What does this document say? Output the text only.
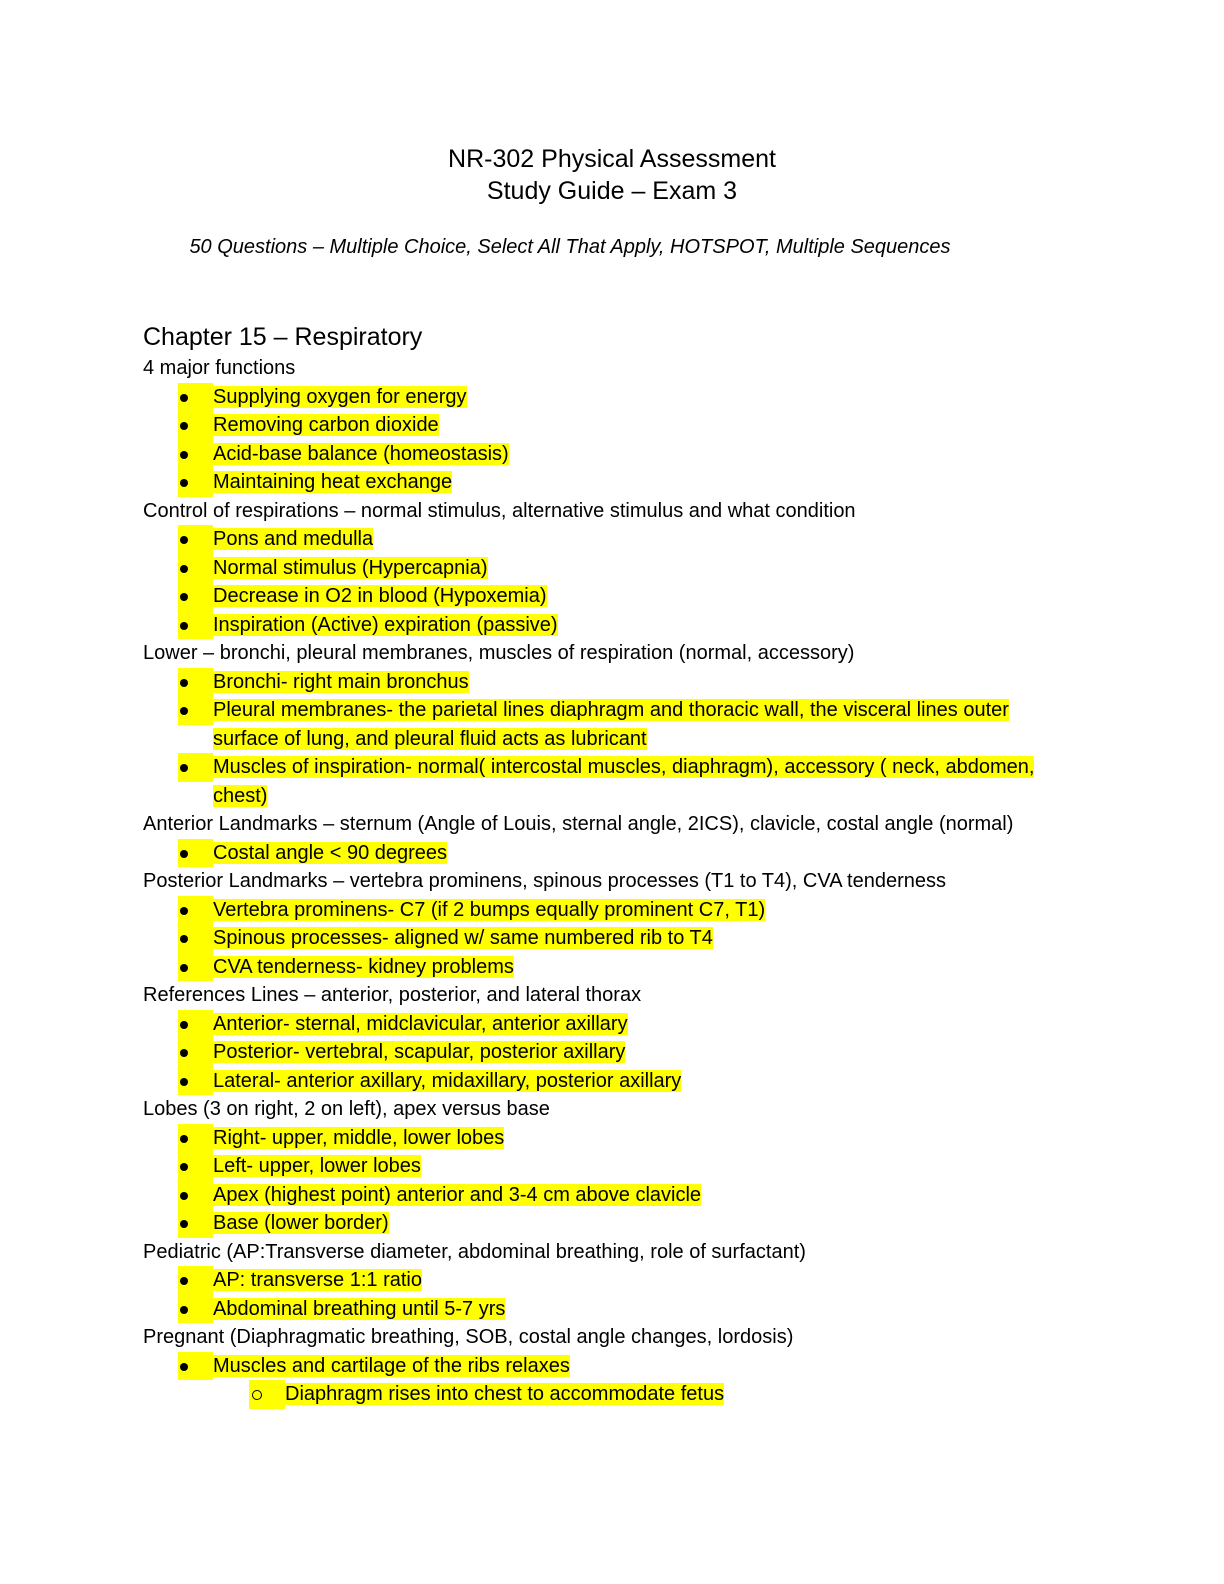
NR-302 Physical Assessment
Study Guide – Exam 3
50 Questions – Multiple Choice, Select All That Apply, HOTSPOT, Multiple Sequences
Chapter 15 – Respiratory
4 major functions
Supplying oxygen for energy
Removing carbon dioxide
Acid-base balance (homeostasis)
Maintaining heat exchange
Control of respirations – normal stimulus, alternative stimulus and what condition
Pons and medulla
Normal stimulus (Hypercapnia)
Decrease in O2 in blood (Hypoxemia)
Inspiration (Active) expiration (passive)
Lower – bronchi, pleural membranes, muscles of respiration (normal, accessory)
Bronchi- right main bronchus
Pleural membranes- the parietal lines diaphragm and thoracic wall, the visceral lines outer surface of lung, and pleural fluid acts as lubricant
Muscles of inspiration- normal( intercostal muscles, diaphragm), accessory ( neck, abdomen, chest)
Anterior Landmarks – sternum (Angle of Louis, sternal angle, 2ICS), clavicle, costal angle (normal)
Costal angle < 90 degrees
Posterior Landmarks – vertebra prominens, spinous processes (T1 to T4), CVA tenderness
Vertebra prominens- C7 (if 2 bumps equally prominent C7, T1)
Spinous processes- aligned w/ same numbered rib to T4
CVA tenderness- kidney problems
References Lines – anterior, posterior, and lateral thorax
Anterior- sternal, midclavicular, anterior axillary
Posterior- vertebral, scapular, posterior axillary
Lateral- anterior axillary, midaxillary, posterior axillary
Lobes (3 on right, 2 on left), apex versus base
Right- upper, middle, lower lobes
Left- upper, lower lobes
Apex (highest point) anterior and 3-4 cm above clavicle
Base (lower border)
Pediatric (AP:Transverse diameter, abdominal breathing, role of surfactant)
AP: transverse 1:1 ratio
Abdominal breathing until 5-7 yrs
Pregnant (Diaphragmatic breathing, SOB, costal angle changes, lordosis)
Muscles and cartilage of the ribs relaxes
Diaphragm rises into chest to accommodate fetus
